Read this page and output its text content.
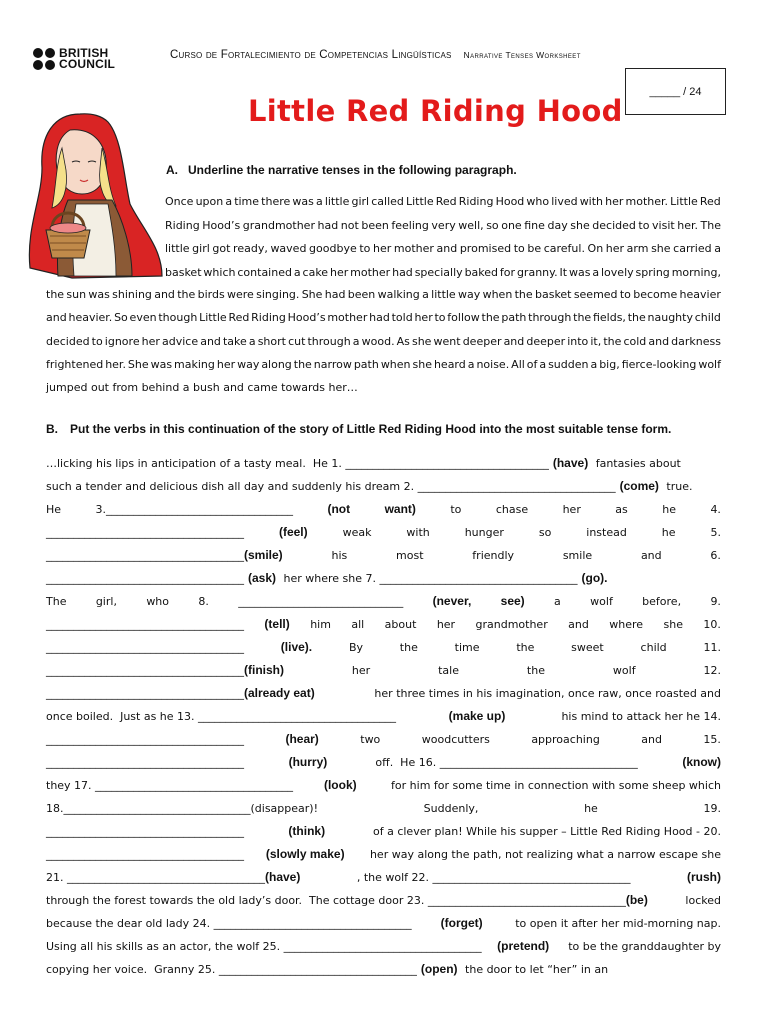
BRITISH
COUNCIL
Curso de Fortalecimiento de Competencias Lingüísticas Narrative Tenses Worksheet
Little Red Riding Hood
_____ / 24
A. Underline the narrative tenses in the following paragraph.
Once upon a time there was a little girl called Little Red Riding Hood who lived with her mother. Little Red
Riding Hood’s grandmother had not been feeling very well, so one fine day she decided to visit her. The
little girl got ready, waved goodbye to her mother and promised to be careful. On her arm she carried a
basket which contained a cake her mother had specially baked for granny. It was a lovely spring morning,
the sun was shining and the birds were singing. She had been walking a little way when the basket seemed to become heavier
and heavier. So even though Little Red Riding Hood’s mother had told her to follow the path through the fields, the naughty child
decided to ignore her advice and take a short cut through a wood. As she went deeper and deeper into it, the cold and darkness
frightened her. She was making her way along the narrow path when she heard a noise. All of a sudden a big, fierce-looking wolf
jumped out from behind a bush and came towards her…
B. Put the verbs in this continuation of the story of Little Red Riding Hood into the most suitable tense form.
…licking his lips in anticipation of a tasty meal.  He 1. _____________________________________ (have) fantasies about
such a tender and delicious dish all day and suddenly his dream 2. ____________________________________ (come) true.
He	3.__________________________________	(not	want)	to	chase	her	as	he	4.
____________________________________	(feel)	weak	with	hunger	so	instead	he	5.
____________________________________(smile)	his	most	friendly	smile	and	6.
____________________________________ (ask) her where she 7. ____________________________________ (go).
The	girl,	who	8.	______________________________ (never, see)	a	wolf	before,	9.
____________________________________ (tell) him all about her grandmother and where she 10.
____________________________________	(live).	By	the	time	the	sweet	child	11.
____________________________________(finish)	her	tale	the	wolf	12.
____________________________________(already eat)	her three times in his imagination, once raw, once roasted and
once boiled.  Just as he 13. ____________________________________	(make up)	his mind to attack her he 14.
____________________________________	(hear)	two	woodcutters	approaching	and	15.
____________________________________	(hurry)	off.  He 16. ____________________________________	(know)
they 17. ____________________________________	(look)	for him for some time in connection with some sheep which
18.__________________________________(disappear)!	Suddenly,	he	19.
____________________________________	(think)	of a clever plan! While his supper – Little Red Riding Hood - 20.
____________________________________ (slowly make) her way along the path, not realizing what a narrow escape she
21. ____________________________________(have)	, the wolf 22. ____________________________________	(rush)
through the forest towards the old lady’s door.  The cottage door 23. ____________________________________(be)	locked
because the dear old lady 24. ____________________________________ (forget)	to open it after her mid-morning nap.
Using all his skills as an actor, the wolf 25. ____________________________________ (pretend) to be the granddaughter by
copying her voice.  Granny 25. ____________________________________ (open) the door to let “her” in an
